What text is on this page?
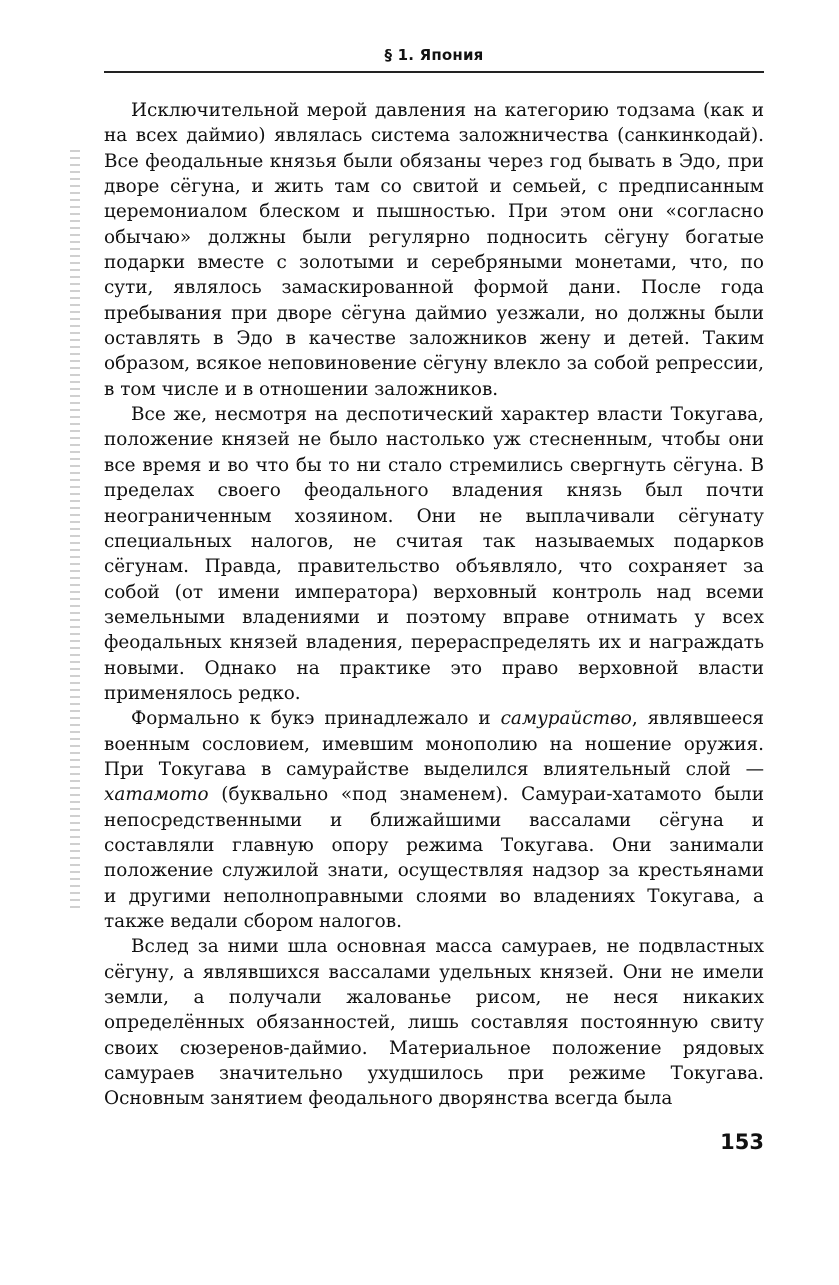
§ 1. Япония

Исключительной мерой давления на категорию тодзама (как и на всех даймио) являлась система заложничества (санкинкодай). Все феодальные князья были обязаны через год бывать в Эдо, при дворе сёгуна, и жить там со свитой и семьей, с предписанным церемониалом блеском и пышностью. При этом они «согласно обычаю» должны были регулярно подносить сёгуну богатые подарки вместе с золотыми и серебряными монетами, что, по сути, являлось замаскированной формой дани. После года пребывания при дворе сёгуна даймио уезжали, но должны были оставлять в Эдо в качестве заложников жену и детей. Таким образом, всякое неповиновение сёгуну влекло за собой репрессии, в том числе и в отношении заложников.

Все же, несмотря на деспотический характер власти Токугава, положение князей не было настолько уж стесненным, чтобы они все время и во что бы то ни стало стремились свергнуть сёгуна. В пределах своего феодального владения князь был почти неограниченным хозяином. Они не выплачивали сёгунату специальных налогов, не считая так называемых подарков сёгунам. Правда, правительство объявляло, что сохраняет за собой (от имени императора) верховный контроль над всеми земельными владениями и поэтому вправе отнимать у всех феодальных князей владения, перераспределять их и награждать новыми. Однако на практике это право верховной власти применялось редко.

Формально к букэ принадлежало и самурайство, являвшееся военным сословием, имевшим монополию на ношение оружия. При Токугава в самурайстве выделился влиятельный слой — хатамото (буквально «под знаменем). Самураи-хатамото были непосредственными и ближайшими вассалами сёгуна и составляли главную опору режима Токугава. Они занимали положение служилой знати, осуществляя надзор за крестьянами и другими неполноправными слоями во владениях Токугава, а также ведали сбором налогов.

Вслед за ними шла основная масса самураев, не подвластных сёгуну, а являвшихся вассалами удельных князей. Они не имели земли, а получали жалованье рисом, не неся никаких определённых обязанностей, лишь составляя постоянную свиту своих сюзеренов-даймио. Материальное положение рядовых самураев значительно ухудшилось при режиме Токугава. Основным занятием феодального дворянства всегда была

153
